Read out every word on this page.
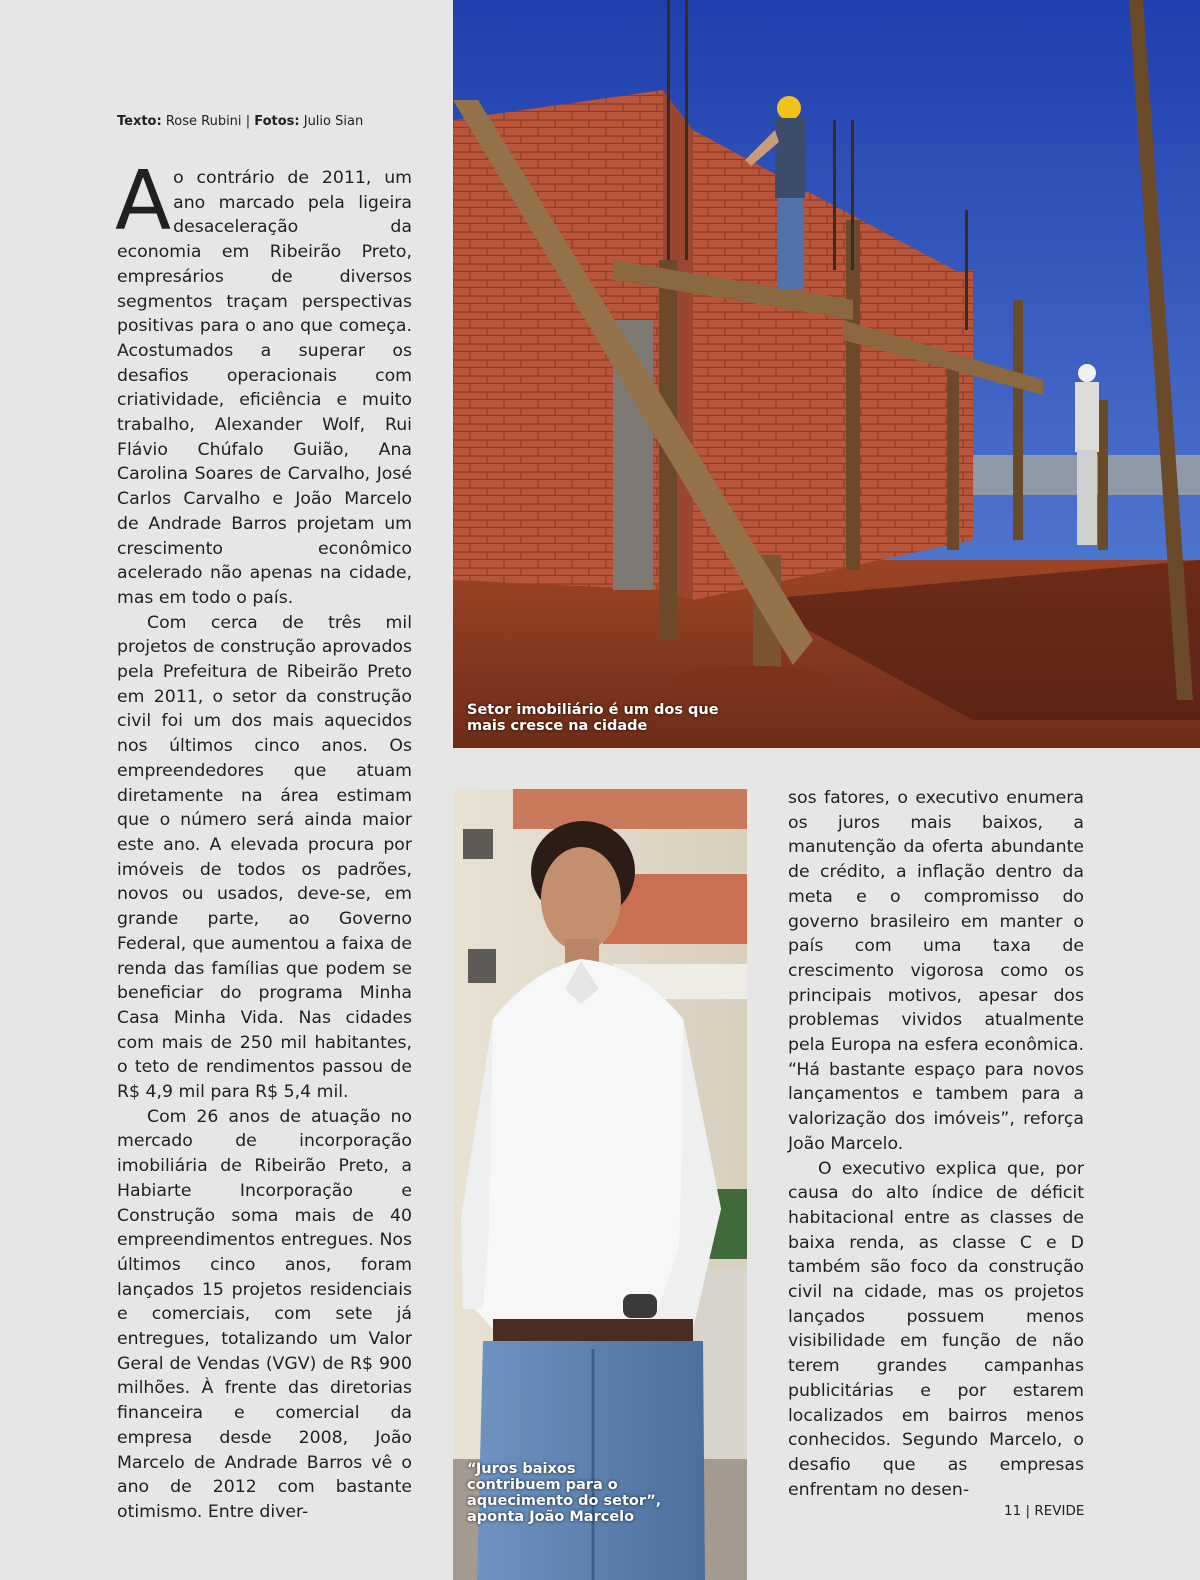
Texto: Rose Rubini | Fotos: Julio Sian

Ao contrário de 2011, um ano marcado pela ligeira desaceleração da economia em Ribeirão Preto, empresários de diversos segmentos traçam perspectivas positivas para o ano que começa. Acostumados a superar os desafios operacionais com criatividade, eficiência e muito trabalho, Alexander Wolf, Rui Flávio Chúfalo Guião, Ana Carolina Soares de Carvalho, José Carlos Carvalho e João Marcelo de Andrade Barros projetam um crescimento econômico acelerado não apenas na cidade, mas em todo o país.

Com cerca de três mil projetos de construção aprovados pela Prefeitura de Ribeirão Preto em 2011, o setor da construção civil foi um dos mais aquecidos nos últimos cinco anos. Os empreendedores que atuam diretamente na área estimam que o número será ainda maior este ano. A elevada procura por imóveis de todos os padrões, novos ou usados, deve-se, em grande parte, ao Governo Federal, que aumentou a faixa de renda das famílias que podem se beneficiar do programa Minha Casa Minha Vida. Nas cidades com mais de 250 mil habitantes, o teto de rendimentos passou de R$ 4,9 mil para R$ 5,4 mil.

Com 26 anos de atuação no mercado de incorporação imobiliária de Ribeirão Preto, a Habiarte Incorporação e Construção soma mais de 40 empreendimentos entregues. Nos últimos cinco anos, foram lançados 15 projetos residenciais e comerciais, com sete já entregues, totalizando um Valor Geral de Vendas (VGV) de R$ 900 milhões. À frente das diretorias financeira e comercial da empresa desde 2008, João Marcelo de Andrade Barros vê o ano de 2012 com bastante otimismo. Entre diver-

sos fatores, o executivo enumera os juros mais baixos, a manutenção da oferta abundante de crédito, a inflação dentro da meta e o compromisso do governo brasileiro em manter o país com uma taxa de crescimento vigorosa como os principais motivos, apesar dos problemas vividos atualmente pela Europa na esfera econômica. “Há bastante espaço para novos lançamentos e tambem para a valorização dos imóveis”, reforça João Marcelo.

O executivo explica que, por causa do alto índice de déficit habitacional entre as classes de baixa renda, as classe C e D também são foco da construção civil na cidade, mas os projetos lançados possuem menos visibilidade em função de não terem grandes campanhas publicitárias e por estarem localizados em bairros menos conhecidos. Segundo Marcelo, o desafio que as empresas enfrentam no desen-

Setor imobiliário é um dos que mais cresce na cidade
“Juros baixos contribuem para o aquecimento do setor”, aponta João Marcelo	11 | REVIDE
